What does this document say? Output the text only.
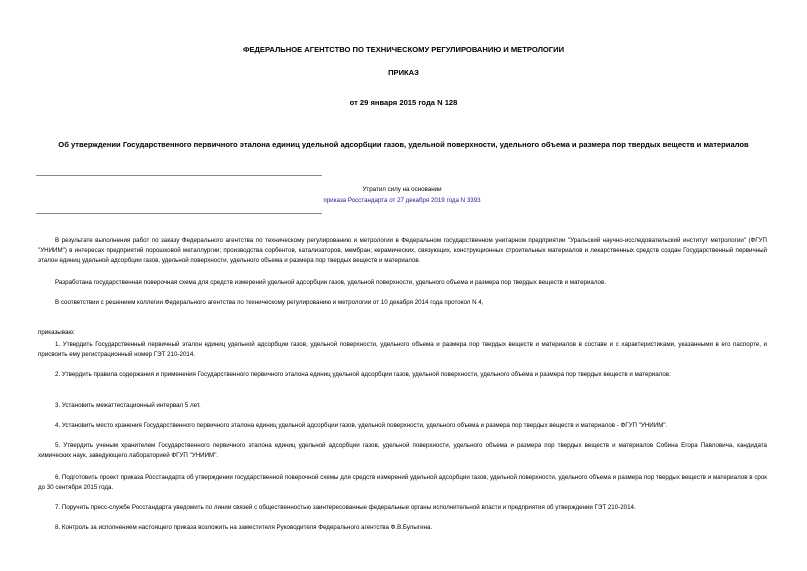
ФЕДЕРАЛЬНОЕ АГЕНТСТВО ПО ТЕХНИЧЕСКОМУ РЕГУЛИРОВАНИЮ И МЕТРОЛОГИИ
ПРИКАЗ
от 29 января 2015 года N 128
Об утверждении Государственного первичного эталона единиц удельной адсорбции газов, удельной поверхности, удельного объема и размера пор твердых веществ и материалов
Утратил силу на основании
приказа Росстандарта от 27 декабря 2019 года N 3393
В результате выполнения работ по заказу Федерального агентства по техническому регулированию и метрологии в Федеральном государственном унитарном предприятии "Уральский научно-исследовательский институт метрологии" (ФГУП "УНИИМ") в интересах предприятий порошковой металлургии; производства сорбентов, катализаторов, мембран; керамических, связующих, конструкционных строительных материалов и лекарственных средств создан Государственный первичный эталон единиц удельной адсорбции газов, удельной поверхности, удельного объема и размера пор твердых веществ и материалов.
Разработана государственная поверочная схема для средств измерений удельной адсорбции газов, удельной поверхности, удельного объема и размера пор твердых веществ и материалов.
В соответствии с решением коллегии Федерального агентства по техническому регулированию и метрологии от 10 декабря 2014 года протокол N 4,
приказываю:
1. Утвердить Государственный первичный эталон единиц удельной адсорбции газов, удельной поверхности, удельного объема и размера пор твердых веществ и материалов в составе и с характеристиками, указанными в его паспорте, и присвоить ему регистрационный номер ГЭТ 210-2014.
2. Утвердить правила содержания и применения Государственного первичного эталона единиц удельной адсорбции газов, удельной поверхности, удельного объема и размера пор твердых веществ и материалов.
3. Установить межаттестационный интервал 5 лет.
4. Установить место хранения Государственного первичного эталона единиц удельной адсорбции газов, удельной поверхности, удельного объема и размера пор твердых веществ и материалов - ФГУП "УНИИМ".
5. Утвердить ученым хранителем Государственного первичного эталона единиц удельной адсорбции газов, удельной поверхности, удельного объема и размера пор твердых веществ и материалов Собина Егора Павловича, кандидата химических наук, заведующего лабораторией ФГУП "УНИИМ".
6. Подготовить проект приказа Росстандарта об утверждении государственной поверочной схемы для средств измерений удельной адсорбции газов, удельной поверхности, удельного объема и размера пор твердых веществ и материалов в срок до 30 сентября 2015 года.
7. Поручить пресс-службе Росстандарта уведомить по линии связей с общественностью заинтересованные федеральные органы исполнительной власти и предприятия об утверждении ГЭТ 210-2014.
8. Контроль за исполнением настоящего приказа возложить на заместителя Руководителя Федерального агентства Ф.В.Булыгина.
